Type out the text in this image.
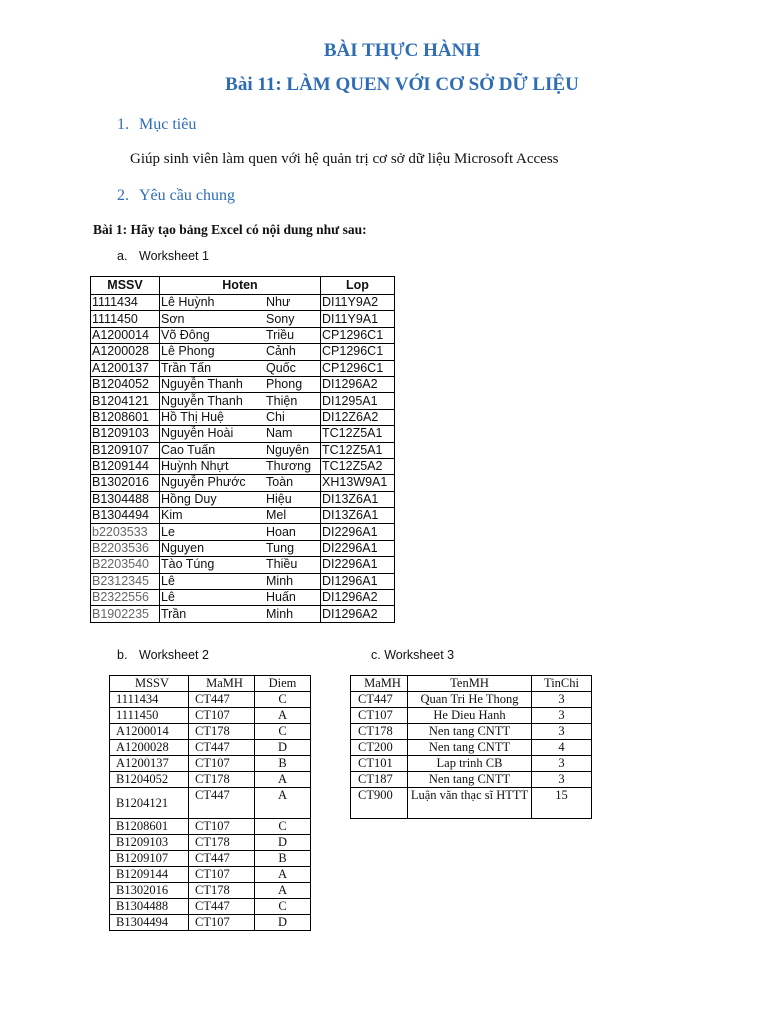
BÀI THỰC HÀNH
Bài 11: LÀM QUEN VỚI CƠ SỞ DỮ LIỆU
1. Mục tiêu
Giúp sinh viên làm quen với hệ quản trị cơ sở dữ liệu Microsoft Access
2. Yêu cầu chung
Bài 1: Hãy tạo bảng Excel có nội dung như sau:
a. Worksheet 1
MSSV	Hoten		Lop
1111434	Lê Huỳnh	Như	DI11Y9A2
1111450	Sơn	Sony	DI11Y9A1
A1200014	Võ Đông	Triều	CP1296C1
A1200028	Lê Phong	Cảnh	CP1296C1
A1200137	Trần Tấn	Quốc	CP1296C1
B1204052	Nguyễn Thanh	Phong	DI1296A2
B1204121	Nguyễn Thanh	Thiện	DI1295A1
B1208601	Hồ Thị Huệ	Chi	DI12Z6A2
B1209103	Nguyễn Hoài	Nam	TC12Z5A1
B1209107	Cao Tuấn	Nguyên	TC12Z5A1
B1209144	Huỳnh Nhựt	Thương	TC12Z5A2
B1302016	Nguyễn Phước	Toàn	XH13W9A1
B1304488	Hồng Duy	Hiệu	DI13Z6A1
B1304494	Kim	Mel	DI13Z6A1
b2203533	Le	Hoan	DI2296A1
B2203536	Nguyen	Tung	DI2296A1
B2203540	Tào Túng	Thiều	DI2296A1
B2312345	Lê	Minh	DI1296A1
B2322556	Lê	Huấn	DI1296A2
B1902235	Trần	Minh	DI1296A2
b. Worksheet 2	c. Worksheet 3
MSSV	MaMH	Diem
1111434	CT447	C
1111450	CT107	A
A1200014	CT178	C
A1200028	CT447	D
A1200137	CT107	B
B1204052	CT178	A
B1204121	CT447	A
B1208601	CT107	C
B1209103	CT178	D
B1209107	CT447	B
B1209144	CT107	A
B1302016	CT178	A
B1304488	CT447	C
B1304494	CT107	D
MaMH	TenMH	TinChi
CT447	Quan Tri He Thong	3
CT107	He Dieu Hanh	3
CT178	Nen tang CNTT	3
CT200	Nen tang CNTT	4
CT101	Lap trinh CB	3
CT187	Nen tang CNTT	3
CT900	Luận văn thạc sĩ HTTT	15
